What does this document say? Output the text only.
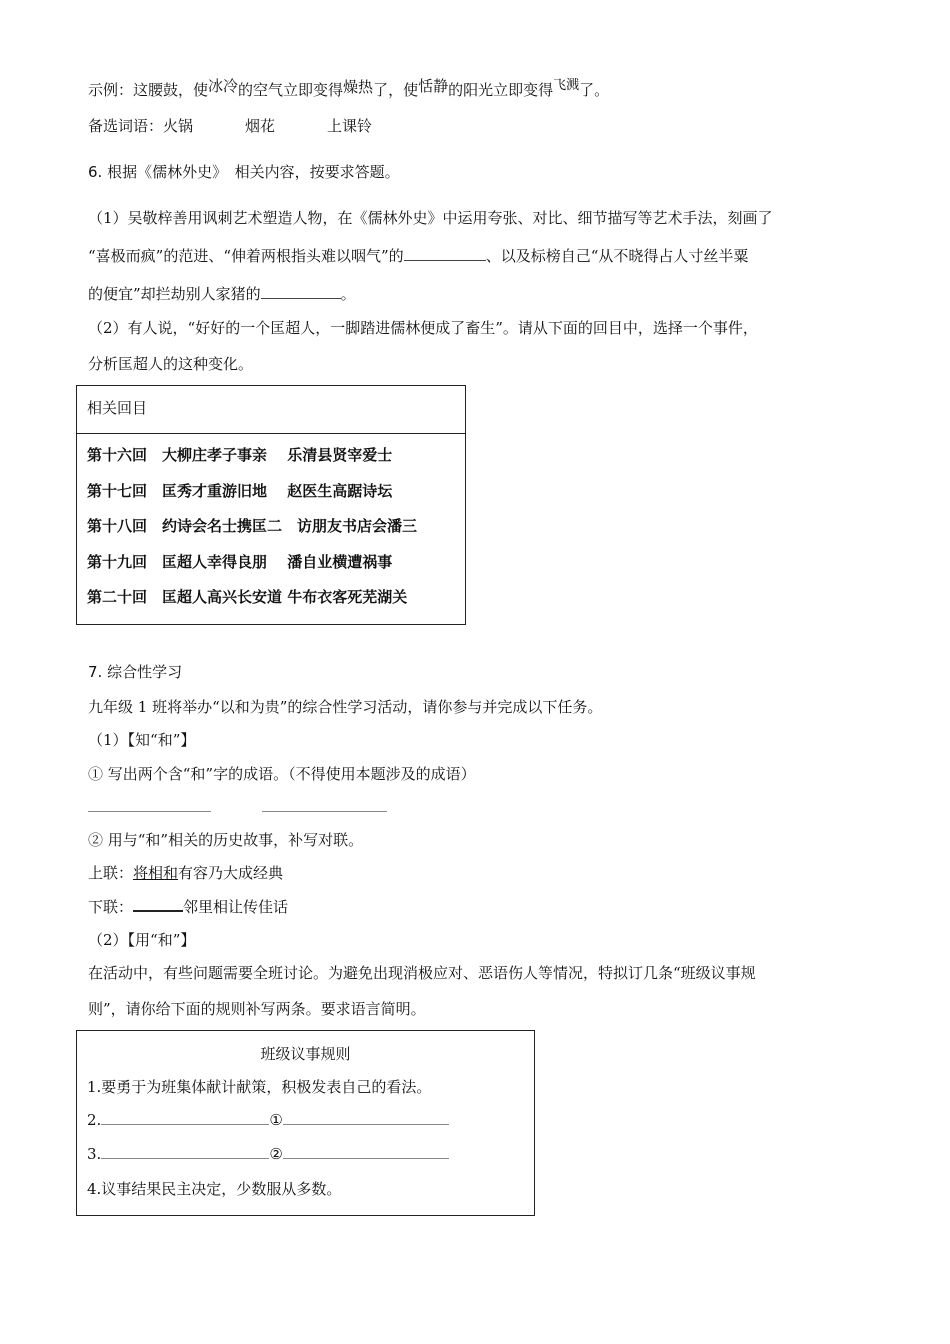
示例：这腰鼓，使冰冷的空气立即变得燥热了，使恬静的阳光立即变得飞溅了。
备选词语：火锅	烟花	上课铃
6. 根据《儒林外史》　相关内容，按要求答题。
（1）吴敬梓善用讽刺艺术塑造人物，在《儒林外史》中运用夸张、对比、细节描写等艺术手法，刻画了
“喜极而疯”的范进、“伸着两根指头难以咽气”的	、以及标榜自己“从不晓得占人寸丝半粟
的便宜”却拦劫别人家猪的	。
（2）有人说，“好好的一个匡超人，一脚踏进儒林便成了畜生”。请从下面的回目中，选择一个事件，
分析匡超人的这种变化。
相关回目
第十六回　大柳庄孝子事亲　 乐清县贤宰爱士
第十七回　匡秀才重游旧地　 赵医生高踞诗坛
第十八回　约诗会名士携匡二　访朋友书店会潘三
第十九回　匡超人幸得良朋　 潘自业横遭祸事
第二十回　匡超人高兴长安道 牛布衣客死芜湖关
7. 综合性学习
九年级 1 班将举办“以和为贵”的综合性学习活动，请你参与并完成以下任务。
（1）【知“和”】
① 写出两个含“和”字的成语。（不得使用本题涉及的成语）
② 用与“和”相关的历史故事，补写对联。
上联：将相和有容乃大成经典
下联：	邻里相让传佳话
（2）【用“和”】
在活动中，有些问题需要全班讨论。为避免出现消极应对、恶语伤人等情况，特拟订几条“班级议事规
则”，请你给下面的规则补写两条。要求语言简明。
班级议事规则
1.要勇于为班集体献计献策，积极发表自己的看法。
2.	①
3.	②
4.议事结果民主决定，少数服从多数。
